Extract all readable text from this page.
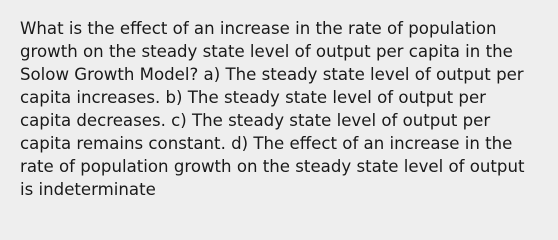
What is the effect of an increase in the rate of population growth on the steady state level of output per capita in the Solow Growth Model? a) The steady state level of output per capita increases. b) The steady state level of output per capita decreases. c) The steady state level of output per capita remains constant. d) The effect of an increase in the rate of population growth on the steady state level of output is indeterminate
